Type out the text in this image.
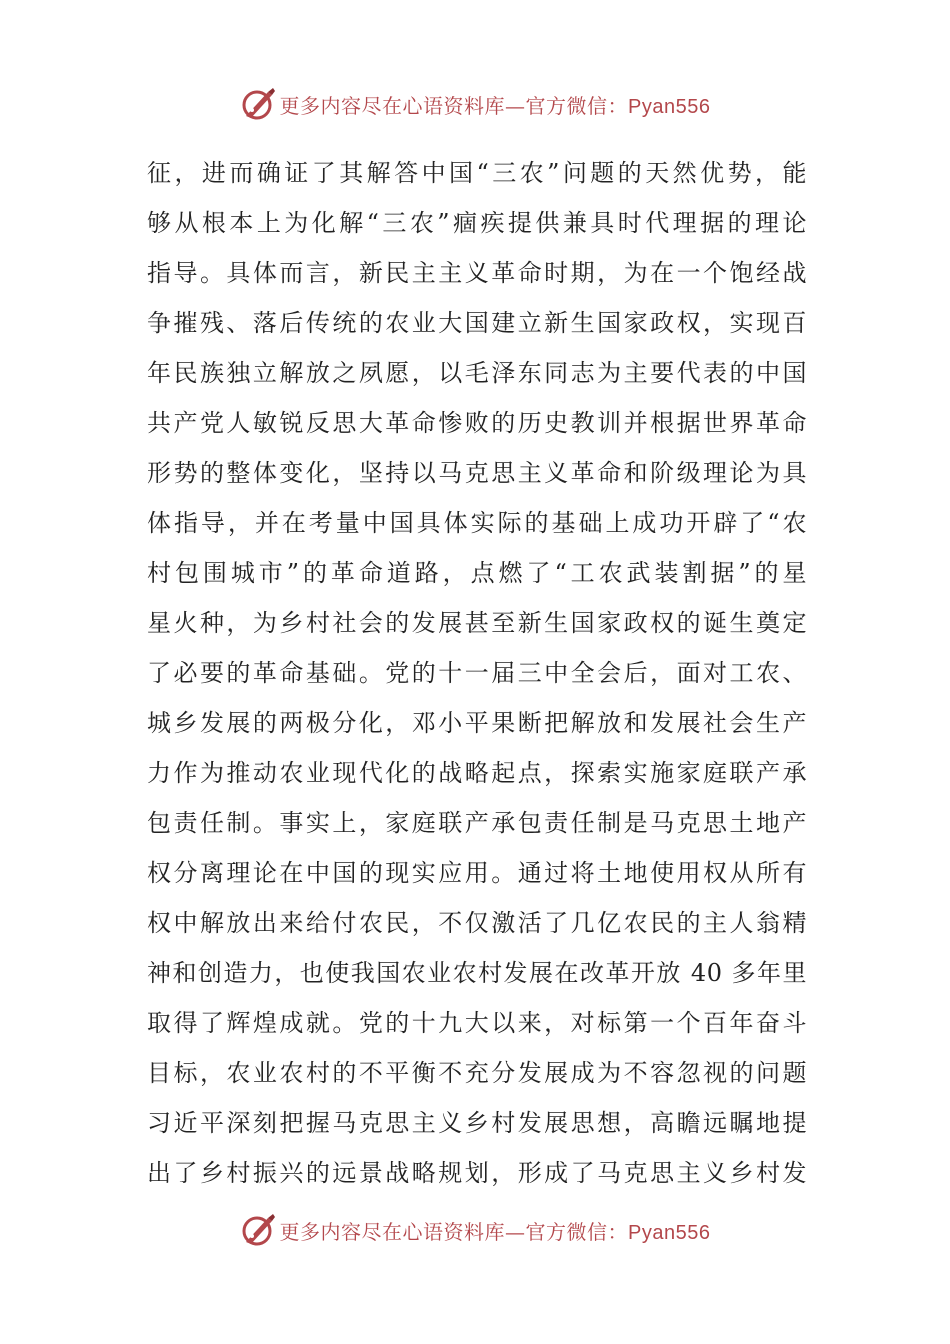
更多内容尽在心语资料库—官方微信：Pyan556
征，进而确证了其解答中国“三农”问题的天然优势，能
够从根本上为化解“三农”痼疾提供兼具时代理据的理论
指导。具体而言，新民主主义革命时期，为在一个饱经战
争摧残、落后传统的农业大国建立新生国家政权，实现百
年民族独立解放之夙愿，以毛泽东同志为主要代表的中国
共产党人敏锐反思大革命惨败的历史教训并根据世界革命
形势的整体变化，坚持以马克思主义革命和阶级理论为具
体指导，并在考量中国具体实际的基础上成功开辟了“农
村包围城市”的革命道路，点燃了“工农武装割据”的星
星火种，为乡村社会的发展甚至新生国家政权的诞生奠定
了必要的革命基础。党的十一届三中全会后，面对工农、
城乡发展的两极分化，邓小平果断把解放和发展社会生产
力作为推动农业现代化的战略起点，探索实施家庭联产承
包责任制。事实上，家庭联产承包责任制是马克思土地产
权分离理论在中国的现实应用。通过将土地使用权从所有
权中解放出来给付农民，不仅激活了几亿农民的主人翁精
神和创造力，也使我国农业农村发展在改革开放 40 多年里
取得了辉煌成就。党的十九大以来，对标第一个百年奋斗
目标，农业农村的不平衡不充分发展成为不容忽视的问题
习近平深刻把握马克思主义乡村发展思想，高瞻远瞩地提
出了乡村振兴的远景战略规划，形成了马克思主义乡村发
更多内容尽在心语资料库—官方微信：Pyan556
